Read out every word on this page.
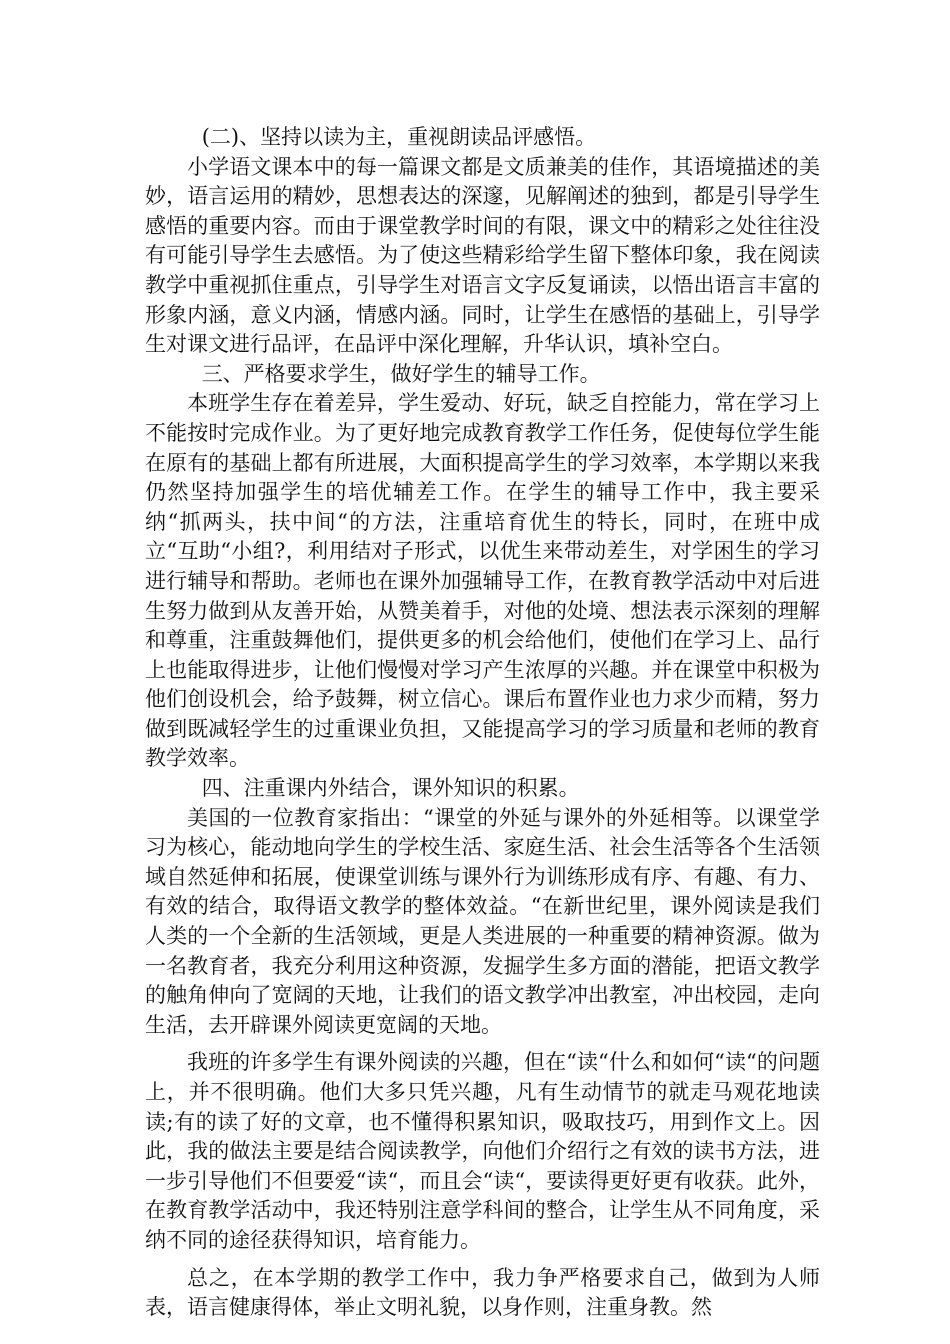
(二)、坚持以读为主，重视朗读品评感悟。

小学语文课本中的每一篇课文都是文质兼美的佳作，其语境描述的美妙，语言运用的精妙，思想表达的深邃，见解阐述的独到，都是引导学生感悟的重要内容。而由于课堂教学时间的有限，课文中的精彩之处往往没有可能引导学生去感悟。为了使这些精彩给学生留下整体印象，我在阅读教学中重视抓住重点，引导学生对语言文字反复诵读，以悟出语言丰富的形象内涵，意义内涵，情感内涵。同时，让学生在感悟的基础上，引导学生对课文进行品评，在品评中深化理解，升华认识，填补空白。

三、严格要求学生，做好学生的辅导工作。

本班学生存在着差异，学生爱动、好玩，缺乏自控能力，常在学习上不能按时完成作业。为了更好地完成教育教学工作任务，促使每位学生能在原有的基础上都有所进展，大面积提高学生的学习效率，本学期以来我仍然坚持加强学生的培优辅差工作。在学生的辅导工作中，我主要采纳“抓两头，扶中间“的方法，注重培育优生的特长，同时，在班中成立“互助“小组?，利用结对子形式，以优生来带动差生，对学困生的学习进行辅导和帮助。老师也在课外加强辅导工作，在教育教学活动中对后进生努力做到从友善开始，从赞美着手，对他的处境、想法表示深刻的理解和尊重，注重鼓舞他们，提供更多的机会给他们，使他们在学习上、品行上也能取得进步，让他们慢慢对学习产生浓厚的兴趣。并在课堂中积极为他们创设机会，给予鼓舞，树立信心。课后布置作业也力求少而精，努力做到既减轻学生的过重课业负担，又能提高学习的学习质量和老师的教育教学效率。

四、注重课内外结合，课外知识的积累。

美国的一位教育家指出：“课堂的外延与课外的外延相等。以课堂学习为核心，能动地向学生的学校生活、家庭生活、社会生活等各个生活领域自然延伸和拓展，使课堂训练与课外行为训练形成有序、有趣、有力、有效的结合，取得语文教学的整体效益。“在新世纪里，课外阅读是我们人类的一个全新的生活领域，更是人类进展的一种重要的精神资源。做为一名教育者，我充分利用这种资源，发掘学生多方面的潜能，把语文教学的触角伸向了宽阔的天地，让我们的语文教学冲出教室，冲出校园，走向生活，去开辟课外阅读更宽阔的天地。

我班的许多学生有课外阅读的兴趣，但在“读“什么和如何“读“的问题上，并不很明确。他们大多只凭兴趣，凡有生动情节的就走马观花地读读;有的读了好的文章，也不懂得积累知识，吸取技巧，用到作文上。因此，我的做法主要是结合阅读教学，向他们介绍行之有效的读书方法，进一步引导他们不但要爱“读“，而且会“读“，要读得更好更有收获。此外，在教育教学活动中，我还特别注意学科间的整合，让学生从不同角度，采纳不同的途径获得知识，培育能力。

总之，在本学期的教学工作中，我力争严格要求自己，做到为人师表，语言健康得体，举止文明礼貌，以身作则，注重身教。然
